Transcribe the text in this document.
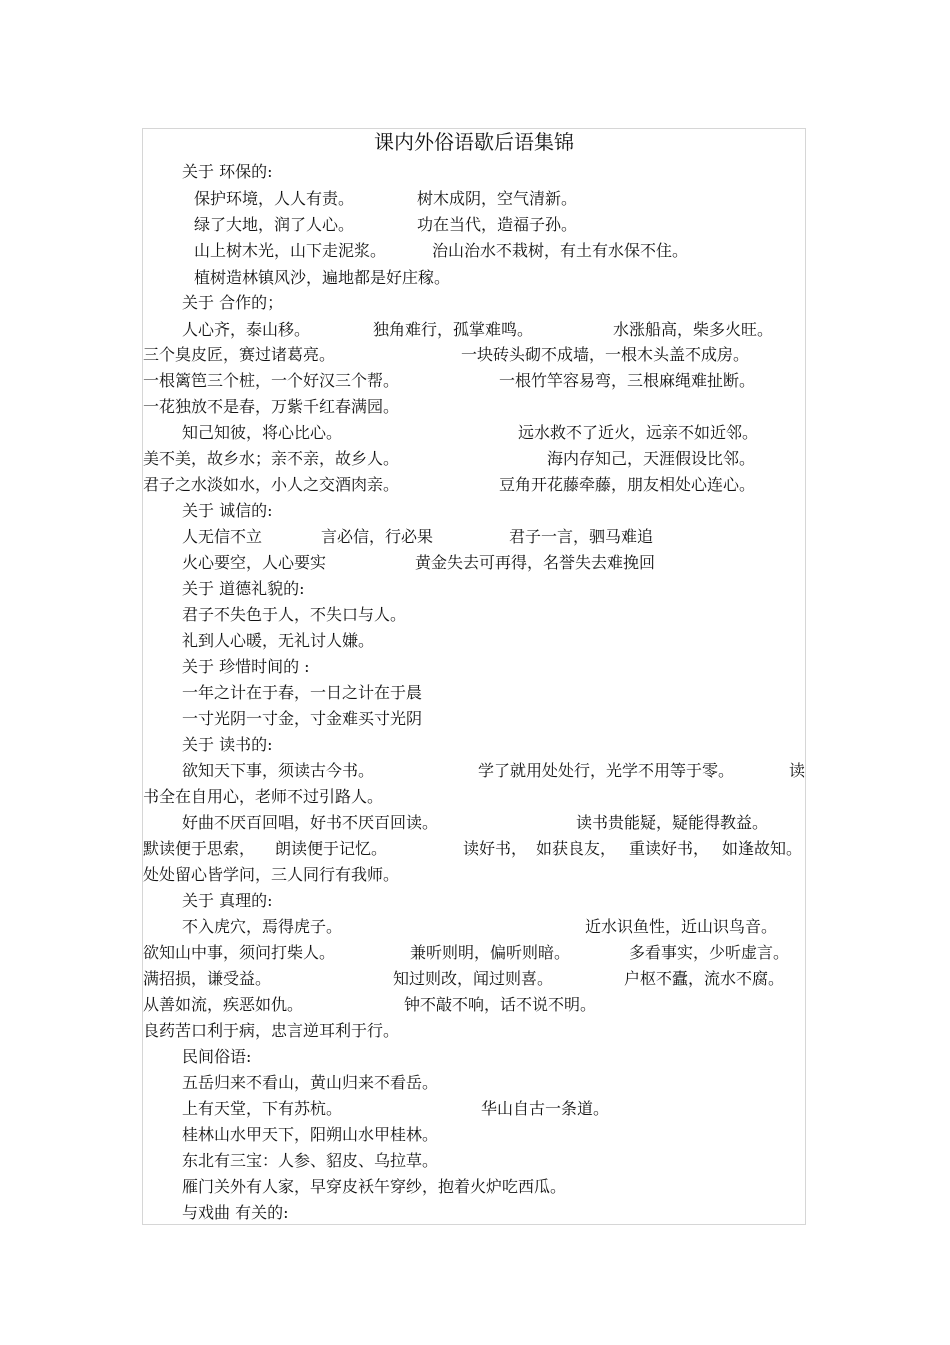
课内外俗语歇后语集锦
关于 环保的:
保护环境，人人有责。	树木成阴，空气清新。
绿了大地，润了人心。	功在当代，造福子孙。
山上树木光，山下走泥浆。	治山治水不栽树，有土有水保不住。
植树造林镇风沙，遍地都是好庄稼。
关于 合作的；
人心齐，泰山移。	独角难行，孤掌难鸣。	水涨船高，柴多火旺。
三个臭皮匠，赛过诸葛亮。	一块砖头砌不成墙，一根木头盖不成房。
一根篱笆三个桩，一个好汉三个帮。	一根竹竿容易弯，三根麻绳难扯断。
一花独放不是春，万紫千红春满园。
知己知彼，将心比心。	远水救不了近火，远亲不如近邻。
美不美，故乡水；亲不亲，故乡人。	海内存知己，天涯假设比邻。
君子之水淡如水，小人之交酒肉亲。	豆角开花藤牵藤，朋友相处心连心。
关于 诚信的:
人无信不立	言必信，行必果	君子一言，驷马难追
火心要空，人心要实	黄金失去可再得，名誉失去难挽回
关于 道德礼貌的:
君子不失色于人，不失口与人。
礼到人心暖，无礼讨人嫌。
关于 珍惜时间的 :
一年之计在于春，一日之计在于晨
一寸光阴一寸金，寸金难买寸光阴
关于 读书的:
欲知天下事，须读古今书。	学了就用处处行，光学不用等于零。	读
书全在自用心，老师不过引路人。
好曲不厌百回唱，好书不厌百回读。	读书贵能疑，疑能得教益。
默读便于思索， 朗读便于记忆。	读好书， 如获良友， 重读好书， 如逢故知。
处处留心皆学问，三人同行有我师。
关于 真理的:
不入虎穴，焉得虎子。	近水识鱼性，近山识鸟音。
欲知山中事，须问打柴人。	兼听则明，偏听则暗。	多看事实，少听虚言。
满招损，谦受益。	知过则改，闻过则喜。	户枢不蠹，流水不腐。
从善如流，疾恶如仇。	钟不敲不响，话不说不明。
良药苦口利于病，忠言逆耳利于行。
民间俗语:
五岳归来不看山，黄山归来不看岳。
上有天堂，下有苏杭。	华山自古一条道。
桂林山水甲天下，阳朔山水甲桂林。
东北有三宝：人参、貂皮、乌拉草。
雁门关外有人家，早穿皮袄午穿纱，抱着火炉吃西瓜。
与戏曲 有关的:
